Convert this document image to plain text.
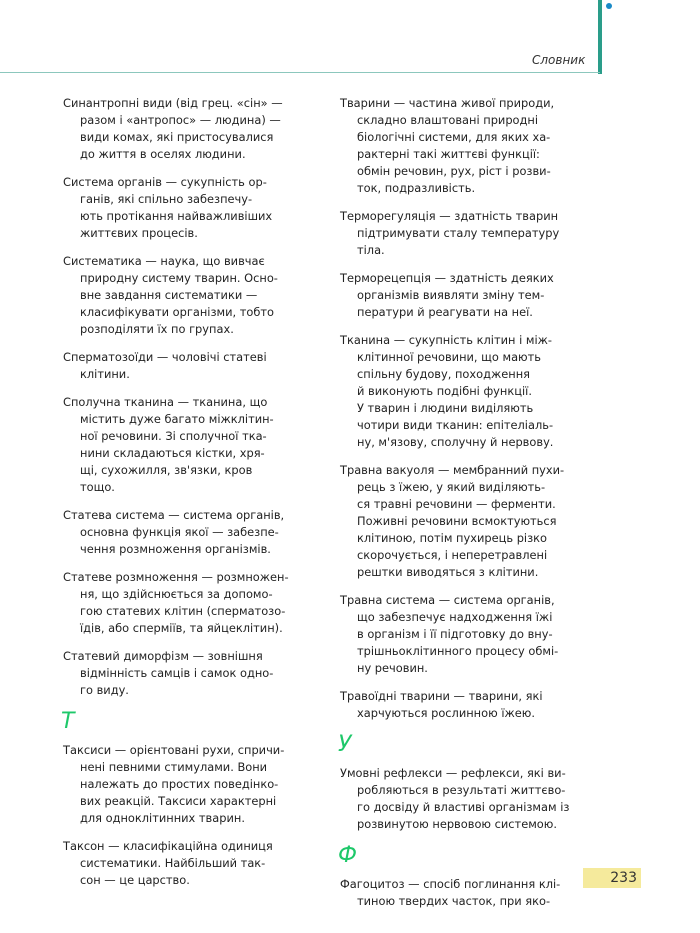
Словник
Синантропні види (від грец. «сін» —
разом і «антропос» — людина) —
види комах, які пристосувалися
до життя в оселях людини.
Система органів — сукупність ор-
ганів, які спільно забезпечу-
ють протікання найважливіших
життєвих процесів.
Систематика — наука, що вивчає
природну систему тварин. Осно-
вне завдання систематики —
класифікувати організми, тобто
розподіляти їх по групах.
Сперматозоїди — чоловічі статеві
клітини.
Сполучна тканина — тканина, що
містить дуже багато міжклітин-
ної речовини. Зі сполучної тка-
нини складаються кістки, хря-
щі, сухожилля, зв'язки, кров
тощо.
Статева система — система органів,
основна функція якої — забезпе-
чення розмноження організмів.
Статеве розмноження — розмножен-
ня, що здійснюється за допомо-
гою статевих клітин (сперматозо-
їдів, або сперміїв, та яйцеклітин).
Статевий диморфізм — зовнішня
відмінність самців і самок одно-
го виду.
Т
Таксиси — орієнтовані рухи, спричи-
нені певними стимулами. Вони
належать до простих поведінко-
вих реакцій. Таксиси характерні
для одноклітинних тварин.
Таксон — класифікаційна одиниця
систематики. Найбільший так-
сон — це царство.
Тварини — частина живої природи,
складно влаштовані природні
біологічні системи, для яких ха-
рактерні такі життєві функції:
обмін речовин, рух, ріст і розви-
ток, подразливість.
Терморегуляція — здатність тварин
підтримувати сталу температуру
тіла.
Терморецепція — здатність деяких
організмів виявляти зміну тем-
ператури й реагувати на неї.
Тканина — сукупність клітин і між-
клітинної речовини, що мають
спільну будову, походження
й виконують подібні функції.
У тварин і людини виділяють
чотири види тканин: епітеліаль-
ну, м'язову, сполучну й нервову.
Травна вакуоля — мембранний пухи-
рець з їжею, у який виділяють-
ся травні речовини — ферменти.
Поживні речовини всмоктуються
клітиною, потім пухирець різко
скорочується, і неперетравлені
рештки виводяться з клітини.
Травна система — система органів,
що забезпечує надходження їжі
в організм і її підготовку до вну-
трішньоклітинного процесу обмі-
ну речовин.
Травоїдні тварини — тварини, які
харчуються рослинною їжею.
У
Умовні рефлекси — рефлекси, які ви-
робляються в результаті життєво-
го досвіду й властиві організмам із
розвинутою нервовою системою.
Ф
Фагоцитоз — спосіб поглинання клі-
тиною твердих часток, при яко-
233
